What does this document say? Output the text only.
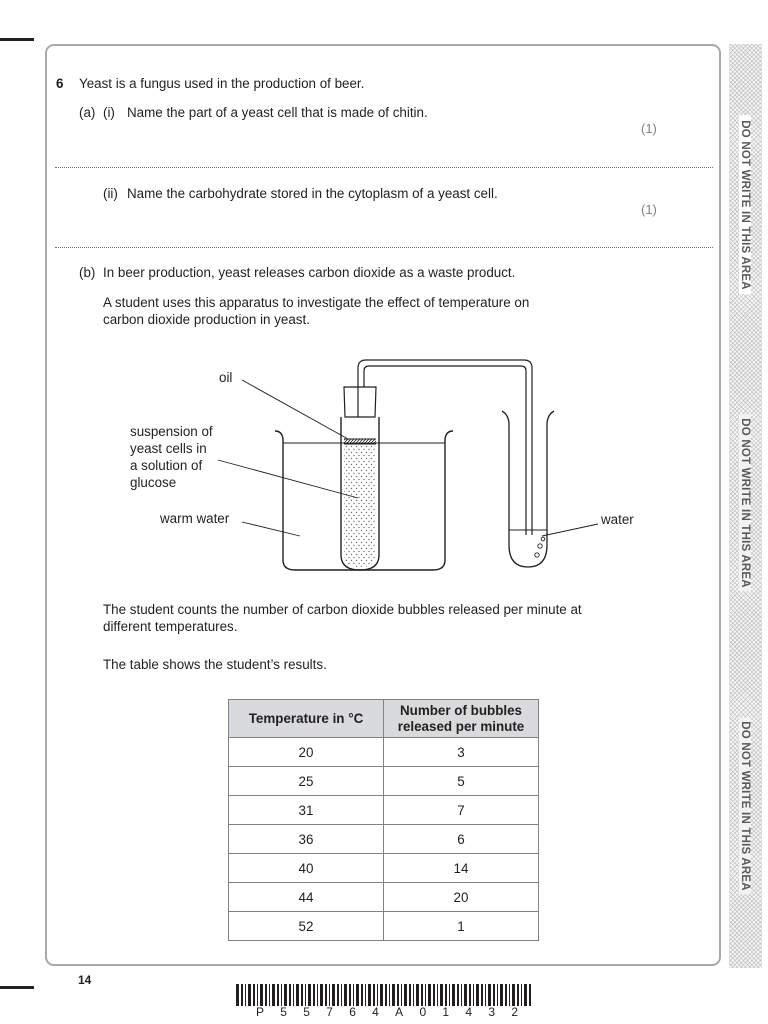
DO NOT WRITE IN THIS AREA
DO NOT WRITE IN THIS AREA
DO NOT WRITE IN THIS AREA
6 Yeast is a fungus used in the production of beer.
(a) (i) Name the part of a yeast cell that is made of chitin.
(1)
(ii) Name the carbohydrate stored in the cytoplasm of a yeast cell.
(1)
(b) In beer production, yeast releases carbon dioxide as a waste product.
A student uses this apparatus to investigate the effect of temperature on
carbon dioxide production in yeast.
oil
suspension of
yeast cells in
a solution of
glucose
warm water	water
The student counts the number of carbon dioxide bubbles released per minute at
different temperatures.
The table shows the student’s results.
Temperature in °C	Number of bubbles
released per minute
20	3
25	5
31	7
36	6
40	14
44	20
52	1
14
P 5 5 7 6 4 A 0 1 4 3 2
